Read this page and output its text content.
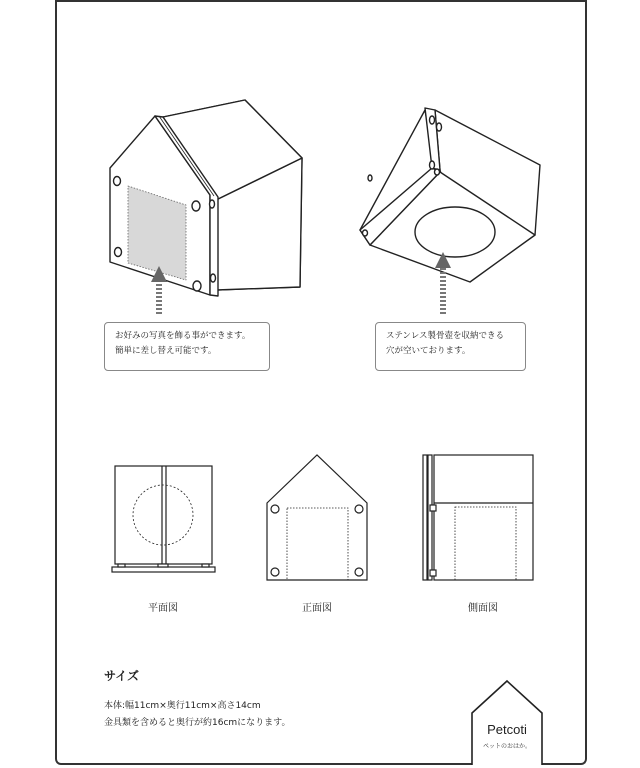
お好みの写真を飾る事ができます。
簡単に差し替え可能です。
ステンレス製骨壺を収納できる
穴が空いております。
平面図	正面図	側面図
サイズ
本体:幅11cm×奥行11cm×高さ14cm
金具類を含めると奥行が約16cmになります。	Petcoti
ペットのおはか。
